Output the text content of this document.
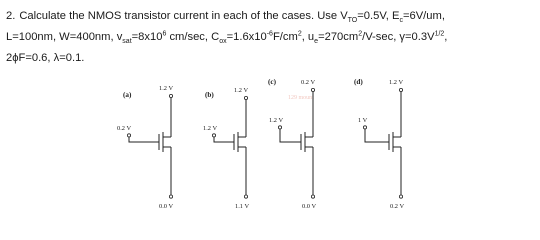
2. Calculate the NMOS transistor current in each of the cases. Use $V_{TO}=0.5V$, $E_c=6V/um$,
L=100nm, W=400nm, $v_{sat}=8x10^6$ cm/sec, $C_{ox}=1.6x10^{-6}F/cm^2$, $u_e=270cm^2/V-\sec$, $\gamma=0.3V^{1/2}$,
2ϕF=0.6, λ=0.1.
129 mount
(a)
1.2 V
0.0 V
0.2 V
(b)
1.2 V
1.1 V
1.2 V
(c)	0.2 V
0.0 V
1.2 V
(d)	1.2 V
0.2 V
1 V
